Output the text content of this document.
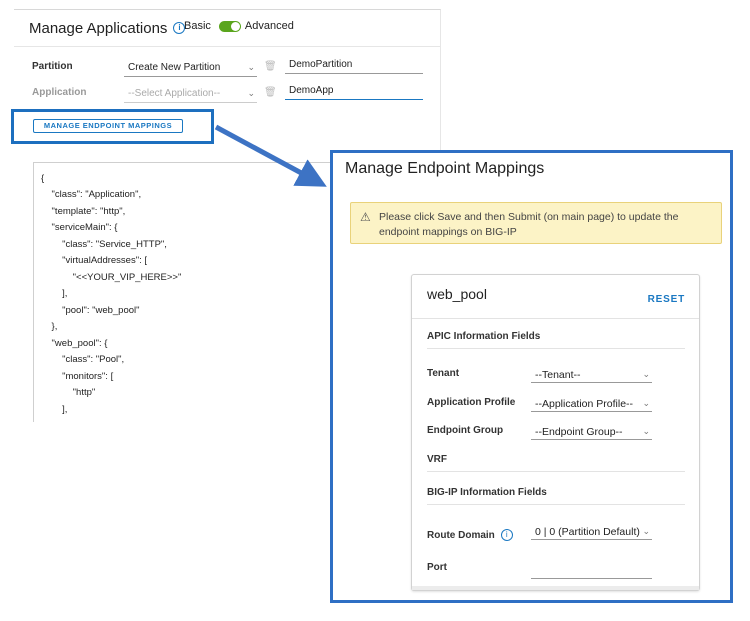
Manage Applications	i Basic	Advanced
Partition	Create New Partition	⌄ 🗑	DemoPartition
Application	--Select Application--	⌄ 🗑	DemoApp
MANAGE ENDPOINT MAPPINGS
{
"class": "Application",
"template": "http",
"serviceMain": {
"class": "Service_HTTP",
"virtualAddresses": [
"<<YOUR_VIP_HERE>>"
],
"pool": "web_pool"
},
"web_pool": {
"class": "Pool",
"monitors": [
"http"
],
Manage Endpoint Mappings
⚠ Please click Save and then Submit (on main page) to update the endpoint mappings on BIG-IP
web_pool	RESET
APIC Information Fields
Tenant	--Tenant--	⌄
Application Profile	--Application Profile-- ⌄
Endpoint Group	--Endpoint Group-- ⌄
VRF
BIG-IP Information Fields
Route Domain	i	0 | 0 (Partition Default) ⌄
Port
